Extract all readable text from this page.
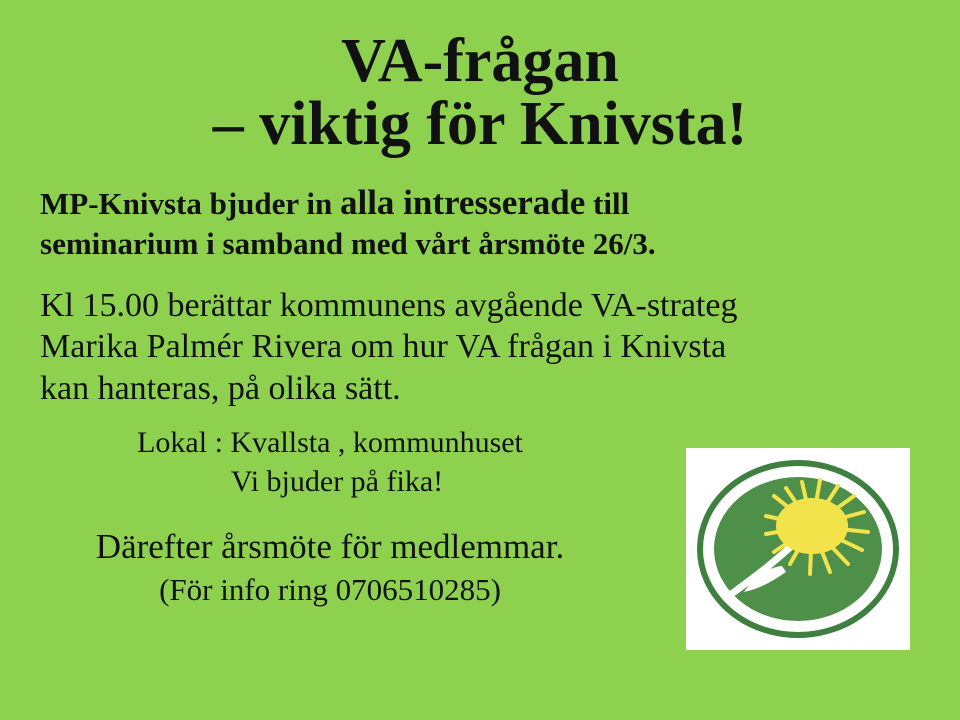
VA-frågan
– viktig för Knivsta!
MP-Knivsta bjuder in alla intresserade till
seminarium i samband med vårt årsmöte 26/3.
Kl 15.00 berättar kommunens avgående VA-strateg
Marika Palmér Rivera om hur VA frågan i Knivsta
kan hanteras, på olika sätt.
Lokal : Kvallsta , kommunhuset
Vi bjuder på fika!
Därefter årsmöte för medlemmar.
(För info ring 0706510285)
